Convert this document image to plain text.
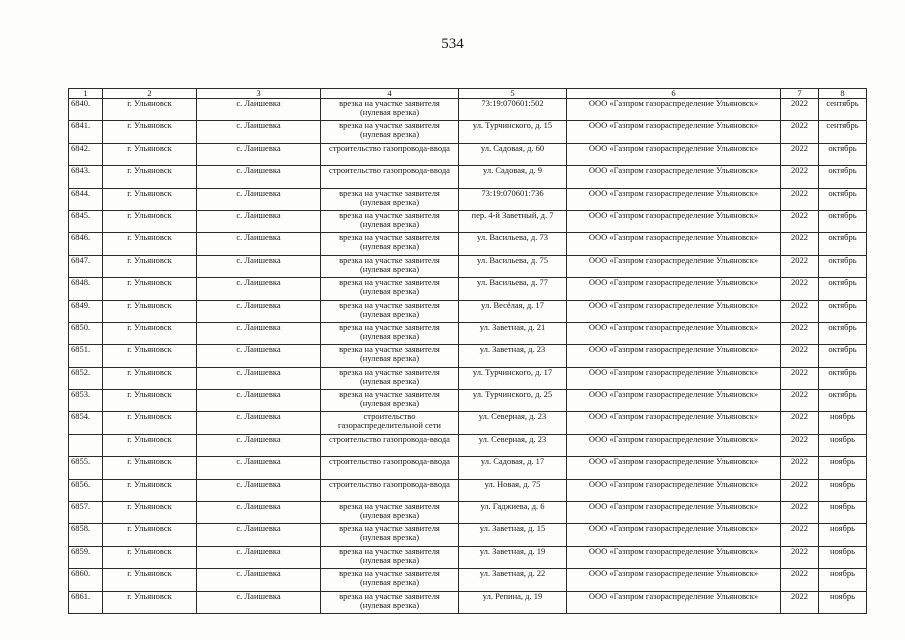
534
1	2	3	4	5	6	7	8
6840.	г. Ульяновск	с. Лаишевка	врезка на участке заявителя (нулевая врезка)	73:19:070601:502	ООО «Газпром газораспределение Ульяновск»	2022	сентябрь
6841.	г. Ульяновск	с. Лаишевка	врезка на участке заявителя (нулевая врезка)	ул. Турчинского, д. 15	ООО «Газпром газораспределение Ульяновск»	2022	сентябрь
6842.	г. Ульяновск	с. Лаишевка	строительство газопровода-ввода	ул. Садовая, д. 60	ООО «Газпром газораспределение Ульяновск»	2022	октябрь
6843.	г. Ульяновск	с. Лаишевка	строительство газопровода-ввода	ул. Садовая, д. 9	ООО «Газпром газораспределение Ульяновск»	2022	октябрь
6844.	г. Ульяновск	с. Лаишевка	врезка на участке заявителя (нулевая врезка)	73:19:070601:736	ООО «Газпром газораспределение Ульяновск»	2022	октябрь
6845.	г. Ульяновск	с. Лаишевка	врезка на участке заявителя (нулевая врезка)	пер. 4-й Заветный, д. 7	ООО «Газпром газораспределение Ульяновск»	2022	октябрь
6846.	г. Ульяновск	с. Лаишевка	врезка на участке заявителя (нулевая врезка)	ул. Васильева, д. 73	ООО «Газпром газораспределение Ульяновск»	2022	октябрь
6847.	г. Ульяновск	с. Лаишевка	врезка на участке заявителя (нулевая врезка)	ул. Васильева, д. 75	ООО «Газпром газораспределение Ульяновск»	2022	октябрь
6848.	г. Ульяновск	с. Лаишевка	врезка на участке заявителя (нулевая врезка)	ул. Васильева, д. 77	ООО «Газпром газораспределение Ульяновск»	2022	октябрь
6849.	г. Ульяновск	с. Лаишевка	врезка на участке заявителя (нулевая врезка)	ул. Весёлая, д. 17	ООО «Газпром газораспределение Ульяновск»	2022	октябрь
6850.	г. Ульяновск	с. Лаишевка	врезка на участке заявителя (нулевая врезка)	ул. Заветная, д. 21	ООО «Газпром газораспределение Ульяновск»	2022	октябрь
6851.	г. Ульяновск	с. Лаишевка	врезка на участке заявителя (нулевая врезка)	ул. Заветная, д. 23	ООО «Газпром газораспределение Ульяновск»	2022	октябрь
6852.	г. Ульяновск	с. Лаишевка	врезка на участке заявителя (нулевая врезка)	ул. Турчинского, д. 17	ООО «Газпром газораспределение Ульяновск»	2022	октябрь
6853.	г. Ульяновск	с. Лаишевка	врезка на участке заявителя (нулевая врезка)	ул. Турчинского, д. 25	ООО «Газпром газораспределение Ульяновск»	2022	октябрь
6854.	г. Ульяновск	с. Лаишевка	строительство газораспределительной сети	ул. Северная, д. 23	ООО «Газпром газораспределение Ульяновск»	2022	ноябрь
	г. Ульяновск	с. Лаишевка	строительство газопровода-ввода	ул. Северная, д. 23	ООО «Газпром газораспределение Ульяновск»	2022	ноябрь
6855.	г. Ульяновск	с. Лаишевка	строительство газопровода-ввода	ул. Садовая, д. 17	ООО «Газпром газораспределение Ульяновск»	2022	ноябрь
6856.	г. Ульяновск	с. Лаишевка	строительство газопровода-ввода	ул. Новая, д. 75	ООО «Газпром газораспределение Ульяновск»	2022	ноябрь
6857.	г. Ульяновск	с. Лаишевка	врезка на участке заявителя (нулевая врезка)	ул. Гаджиева, д. 6	ООО «Газпром газораспределение Ульяновск»	2022	ноябрь
6858.	г. Ульяновск	с. Лаишевка	врезка на участке заявителя (нулевая врезка)	ул. Заветная, д. 15	ООО «Газпром газораспределение Ульяновск»	2022	ноябрь
6859.	г. Ульяновск	с. Лаишевка	врезка на участке заявителя (нулевая врезка)	ул. Заветная, д. 19	ООО «Газпром газораспределение Ульяновск»	2022	ноябрь
6860.	г. Ульяновск	с. Лаишевка	врезка на участке заявителя (нулевая врезка)	ул. Заветная, д. 22	ООО «Газпром газораспределение Ульяновск»	2022	ноябрь
6861.	г. Ульяновск	с. Лаишевка	врезка на участке заявителя (нулевая врезка)	ул. Репина, д. 19	ООО «Газпром газораспределение Ульяновск»	2022	ноябрь
